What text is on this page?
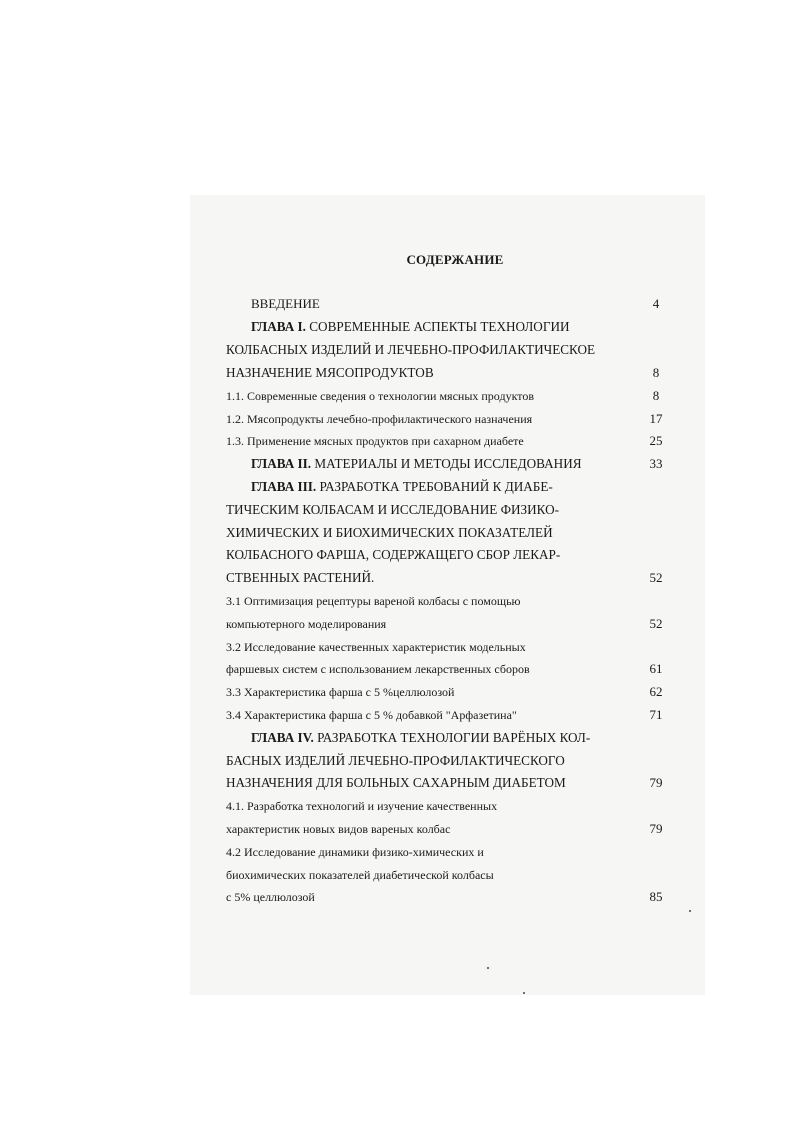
СОДЕРЖАНИЕ
ВВЕДЕНИЕ	4
ГЛАВА I. СОВРЕМЕННЫЕ АСПЕКТЫ ТЕХНОЛОГИИ
КОЛБАСНЫХ ИЗДЕЛИЙ И ЛЕЧЕБНО-ПРОФИЛАКТИЧЕСКОЕ
НАЗНАЧЕНИЕ МЯСОПРОДУКТОВ	8
1.1. Современные сведения о технологии мясных продуктов	8
1.2. Мясопродукты лечебно-профилактического назначения	17
1.3. Применение мясных продуктов при сахарном диабете	25
ГЛАВА II. МАТЕРИАЛЫ И МЕТОДЫ ИССЛЕДОВАНИЯ	33
ГЛАВА III. РАЗРАБОТКА ТРЕБОВАНИЙ К ДИАБЕ-
ТИЧЕСКИМ КОЛБАСАМ И ИССЛЕДОВАНИЕ ФИЗИКО-
ХИМИЧЕСКИХ И БИОХИМИЧЕСКИХ ПОКАЗАТЕЛЕЙ
КОЛБАСНОГО ФАРША, СОДЕРЖАЩЕГО СБОР ЛЕКАР-
СТВЕННЫХ РАСТЕНИЙ.	52
3.1 Оптимизация рецептуры вареной колбасы с помощью
компьютерного моделирования	52
3.2 Исследование качественных характеристик модельных
фаршевых систем с использованием лекарственных сборов	61
3.3 Характеристика фарша с 5 %целлюлозой	62
3.4 Характеристика фарша с 5 % добавкой "Арфазетина"	71
ГЛАВА IV. РАЗРАБОТКА ТЕХНОЛОГИИ ВАРЁНЫХ КОЛ-
БАСНЫХ ИЗДЕЛИЙ ЛЕЧЕБНО-ПРОФИЛАКТИЧЕСКОГО
НАЗНАЧЕНИЯ ДЛЯ БОЛЬНЫХ САХАРНЫМ ДИАБЕТОМ	79
4.1. Разработка технологий и изучение качественных
характеристик новых видов вареных колбас	79
4.2 Исследование динамики физико-химических и
биохимических показателей диабетической колбасы
с 5% целлюлозой	85
